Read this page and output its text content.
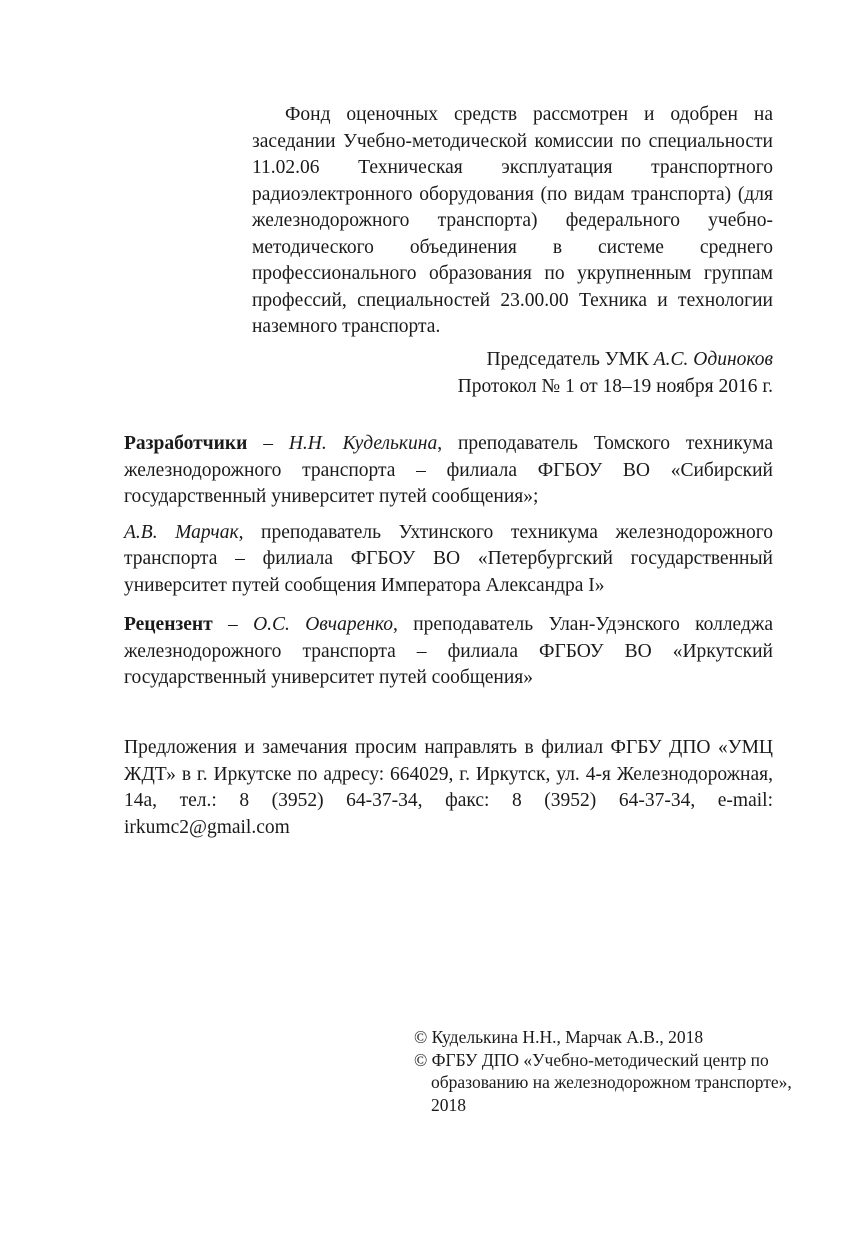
Фонд оценочных средств рассмотрен и одобрен на заседании Учебно-методической комиссии по специальности 11.02.06 Техническая эксплуатация транспортного радиоэлектронного оборудования (по видам транспорта) (для железнодорожного транспорта) федерального учебно-методического объединения в системе среднего профессионального образования по укрупненным группам профессий, специальностей 23.00.00 Техника и технологии наземного транспорта.

Председатель УМК А.С. Одиноков
Протокол № 1 от 18–19 ноября 2016 г.

Разработчики – Н.Н. Куделькина, преподаватель Томского техникума железнодорожного транспорта – филиала ФГБОУ ВО «Сибирский государственный университет путей сообщения»;

А.В. Марчак, преподаватель Ухтинского техникума железнодорожного транспорта – филиала ФГБОУ ВО «Петербургский государственный университет путей сообщения Императора Александра I»

Рецензент – О.С. Овчаренко, преподаватель Улан-Удэнского колледжа железнодорожного транспорта – филиала ФГБОУ ВО «Иркутский государственный университет путей сообщения»

Предложения и замечания просим направлять в филиал ФГБУ ДПО «УМЦ ЖДТ» в г. Иркутске по адресу: 664029, г. Иркутск, ул. 4-я Железнодорожная, 14а, тел.: 8 (3952) 64-37-34, факс: 8 (3952) 64-37-34, e-mail: irkumc2@gmail.com

© Куделькина Н.Н., Марчак А.В., 2018
© ФГБУ ДПО «Учебно-методический центр по образованию на железнодорожном транспорте», 2018
